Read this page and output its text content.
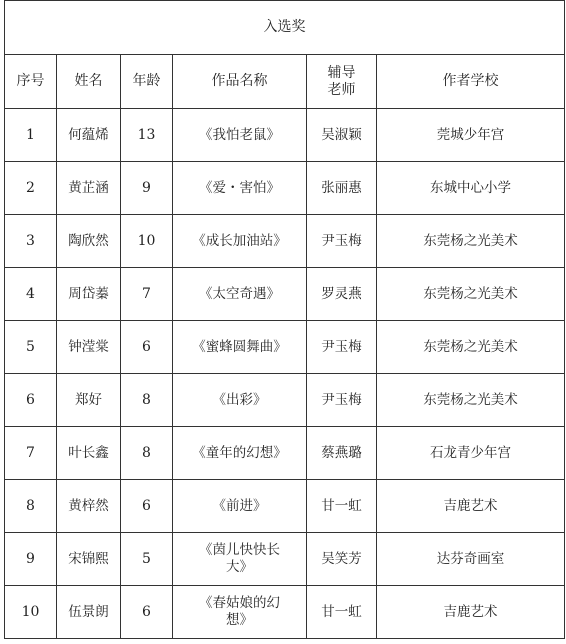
入选奖					
序号	姓名	年龄	作品名称	辅导老师	作者学校
1	何蕴烯	13	《我怕老鼠》	吴淑颖	莞城少年宫
2	黄芷涵	9	《爱・害怕》	张丽惠	东城中心小学
3	陶欣然	10	《成长加油站》	尹玉梅	东莞杨之光美术
4	周岱蓁	7	《太空奇遇》	罗灵燕	东莞杨之光美术
5	钟滢棠	6	《蜜蜂圆舞曲》	尹玉梅	东莞杨之光美术
6	郑好	8	《出彩》	尹玉梅	东莞杨之光美术
7	叶长鑫	8	《童年的幻想》	蔡燕璐	石龙青少年宫
8	黄梓然	6	《前进》	甘一虹	吉鹿艺术
9	宋锦熙	5	《茵儿快快长大》	吴笑芳	达芬奇画室
10	伍景朗	6	《春姑娘的幻想》	甘一虹	吉鹿艺术
